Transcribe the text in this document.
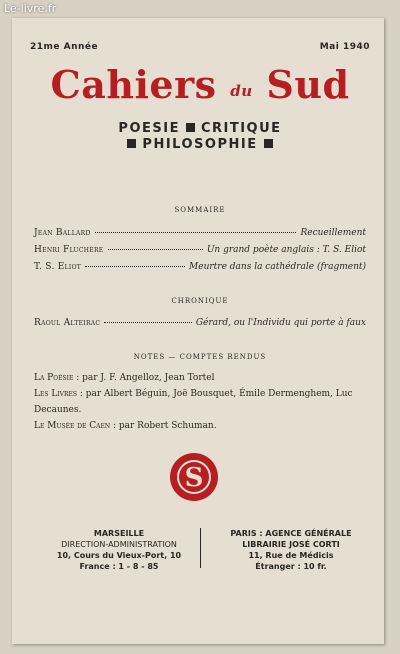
Le-livre.fr
21me Année	Mai 1940
Cahiers du Sud
POESIE CRITIQUE
PHILOSOPHIE
SOMMAIRE
Jean Ballard	Recueillement
Henri Fluchère	Un grand poète anglais : T. S. Eliot
T. S. Eliot	Meurtre dans la cathédrale (fragment)
CHRONIQUE
Raoul Alteirac	Gérard, ou l'Individu qui porte à faux
NOTES — COMPTES RENDUS
La Poésie : par J. F. Angelloz, Jean Tortel
Les Livres : par Albert Béguin, Joë Bousquet, Émile Dermenghem, Luc Decaunes.
Le Musée de Caen : par Robert Schuman.
S
MARSEILLE
DIRECTION-ADMINISTRATION
10, Cours du Vieux-Port, 10
France : 1 - 8 - 85
PARIS : AGENCE GÉNÉRALE
LIBRAIRIE JOSÉ CORTI
11, Rue de Médicis
Étranger : 10 fr.
